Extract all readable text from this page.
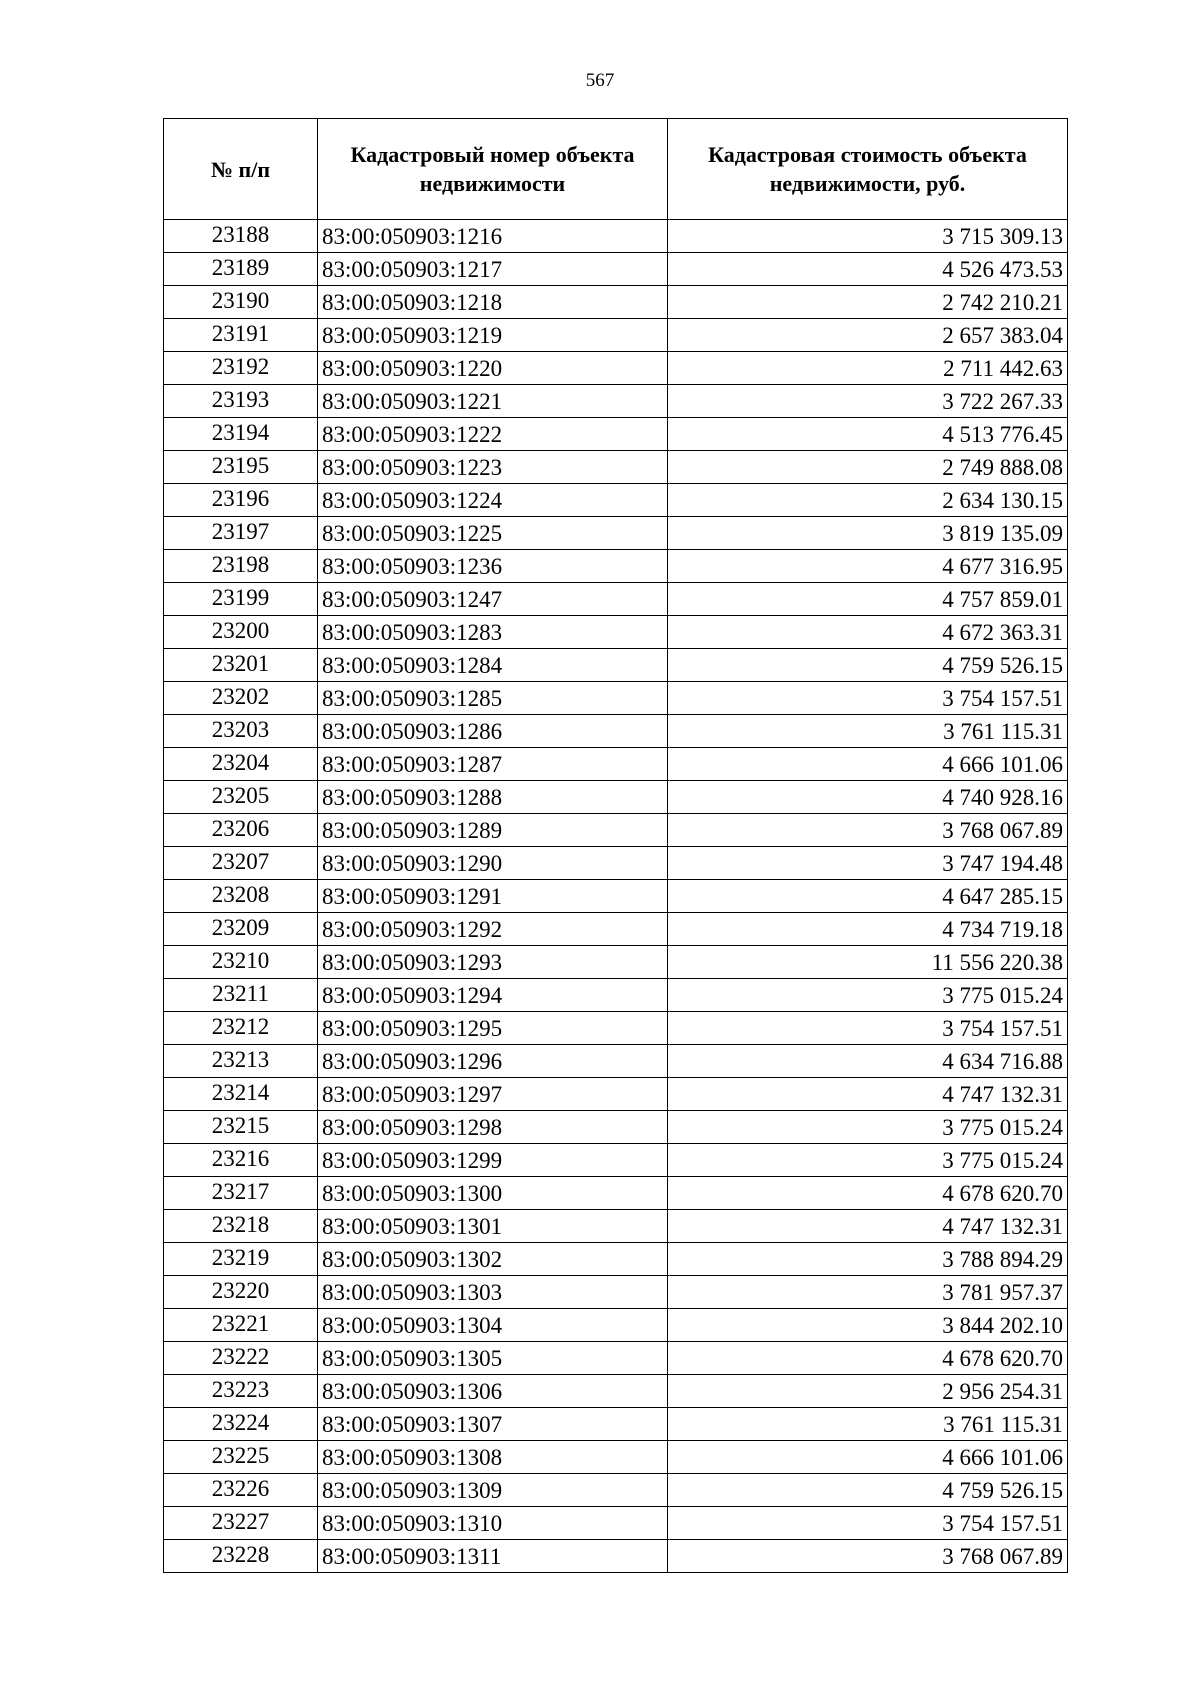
567
№ п/п	Кадастровый номер объекта недвижимости	Кадастровая стоимость объекта недвижимости, руб.
23188	83:00:050903:1216	3 715 309.13
23189	83:00:050903:1217	4 526 473.53
23190	83:00:050903:1218	2 742 210.21
23191	83:00:050903:1219	2 657 383.04
23192	83:00:050903:1220	2 711 442.63
23193	83:00:050903:1221	3 722 267.33
23194	83:00:050903:1222	4 513 776.45
23195	83:00:050903:1223	2 749 888.08
23196	83:00:050903:1224	2 634 130.15
23197	83:00:050903:1225	3 819 135.09
23198	83:00:050903:1236	4 677 316.95
23199	83:00:050903:1247	4 757 859.01
23200	83:00:050903:1283	4 672 363.31
23201	83:00:050903:1284	4 759 526.15
23202	83:00:050903:1285	3 754 157.51
23203	83:00:050903:1286	3 761 115.31
23204	83:00:050903:1287	4 666 101.06
23205	83:00:050903:1288	4 740 928.16
23206	83:00:050903:1289	3 768 067.89
23207	83:00:050903:1290	3 747 194.48
23208	83:00:050903:1291	4 647 285.15
23209	83:00:050903:1292	4 734 719.18
23210	83:00:050903:1293	11 556 220.38
23211	83:00:050903:1294	3 775 015.24
23212	83:00:050903:1295	3 754 157.51
23213	83:00:050903:1296	4 634 716.88
23214	83:00:050903:1297	4 747 132.31
23215	83:00:050903:1298	3 775 015.24
23216	83:00:050903:1299	3 775 015.24
23217	83:00:050903:1300	4 678 620.70
23218	83:00:050903:1301	4 747 132.31
23219	83:00:050903:1302	3 788 894.29
23220	83:00:050903:1303	3 781 957.37
23221	83:00:050903:1304	3 844 202.10
23222	83:00:050903:1305	4 678 620.70
23223	83:00:050903:1306	2 956 254.31
23224	83:00:050903:1307	3 761 115.31
23225	83:00:050903:1308	4 666 101.06
23226	83:00:050903:1309	4 759 526.15
23227	83:00:050903:1310	3 754 157.51
23228	83:00:050903:1311	3 768 067.89
